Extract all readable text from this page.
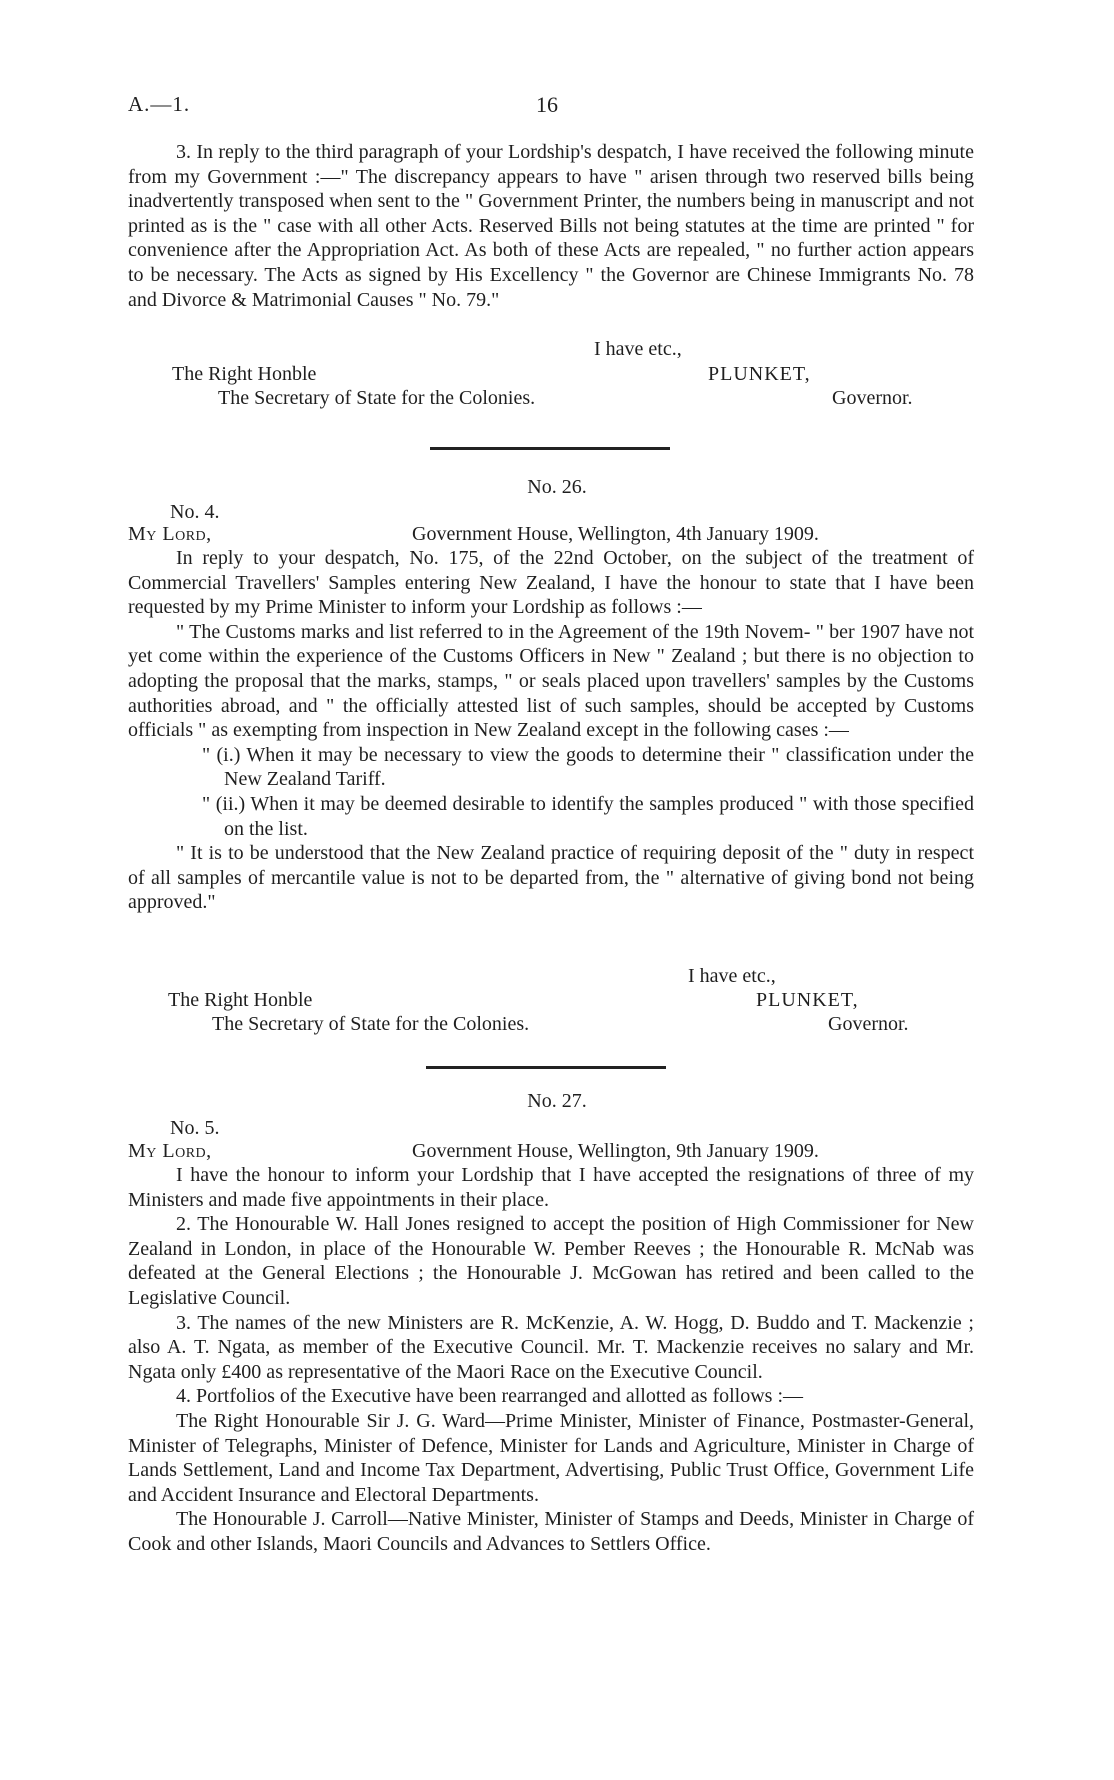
A.—1.	16

3. In reply to the third paragraph of your Lordship's despatch, I have received the following minute from my Government :—" The discrepancy appears to have " arisen through two reserved bills being inadvertently transposed when sent to the " Government Printer, the numbers being in manuscript and not printed as is the " case with all other Acts. Reserved Bills not being statutes at the time are printed " for convenience after the Appropriation Act. As both of these Acts are repealed, " no further action appears to be necessary. The Acts as signed by His Excellency " the Governor are Chinese Immigrants No. 78 and Divorce & Matrimonial Causes " No. 79."

I have etc.,
The Right Honble	PLUNKET,
The Secretary of State for the Colonies.	Governor.
No. 26.
No. 4.
My Lord,	Government House, Wellington, 4th January 1909.

In reply to your despatch, No. 175, of the 22nd October, on the subject of the treatment of Commercial Travellers' Samples entering New Zealand, I have the honour to state that I have been requested by my Prime Minister to inform your Lordship as follows :—

" The Customs marks and list referred to in the Agreement of the 19th Novem- " ber 1907 have not yet come within the experience of the Customs Officers in New " Zealand ; but there is no objection to adopting the proposal that the marks, stamps, " or seals placed upon travellers' samples by the Customs authorities abroad, and " the officially attested list of such samples, should be accepted by Customs officials " as exempting from inspection in New Zealand except in the following cases :—

" (i.) When it may be necessary to view the goods to determine their " classification under the New Zealand Tariff.

" (ii.) When it may be deemed desirable to identify the samples produced " with those specified on the list.

" It is to be understood that the New Zealand practice of requiring deposit of the " duty in respect of all samples of mercantile value is not to be departed from, the " alternative of giving bond not being approved."

I have etc.,
The Right Honble	PLUNKET,
The Secretary of State for the Colonies.	Governor.
No. 27.
No. 5.
My Lord,	Government House, Wellington, 9th January 1909.

I have the honour to inform your Lordship that I have accepted the resignations of three of my Ministers and made five appointments in their place.

2. The Honourable W. Hall Jones resigned to accept the position of High Commissioner for New Zealand in London, in place of the Honourable W. Pember Reeves ; the Honourable R. McNab was defeated at the General Elections ; the Honourable J. McGowan has retired and been called to the Legislative Council.

3. The names of the new Ministers are R. McKenzie, A. W. Hogg, D. Buddo and T. Mackenzie ; also A. T. Ngata, as member of the Executive Council. Mr. T. Mackenzie receives no salary and Mr. Ngata only £400 as representative of the Maori Race on the Executive Council.

4. Portfolios of the Executive have been rearranged and allotted as follows :—

The Right Honourable Sir J. G. Ward—Prime Minister, Minister of Finance, Postmaster-General, Minister of Telegraphs, Minister of Defence, Minister for Lands and Agriculture, Minister in Charge of Lands Settlement, Land and Income Tax Department, Advertising, Public Trust Office, Government Life and Accident Insurance and Electoral Departments.

The Honourable J. Carroll—Native Minister, Minister of Stamps and Deeds, Minister in Charge of Cook and other Islands, Maori Councils and Advances to Settlers Office.
